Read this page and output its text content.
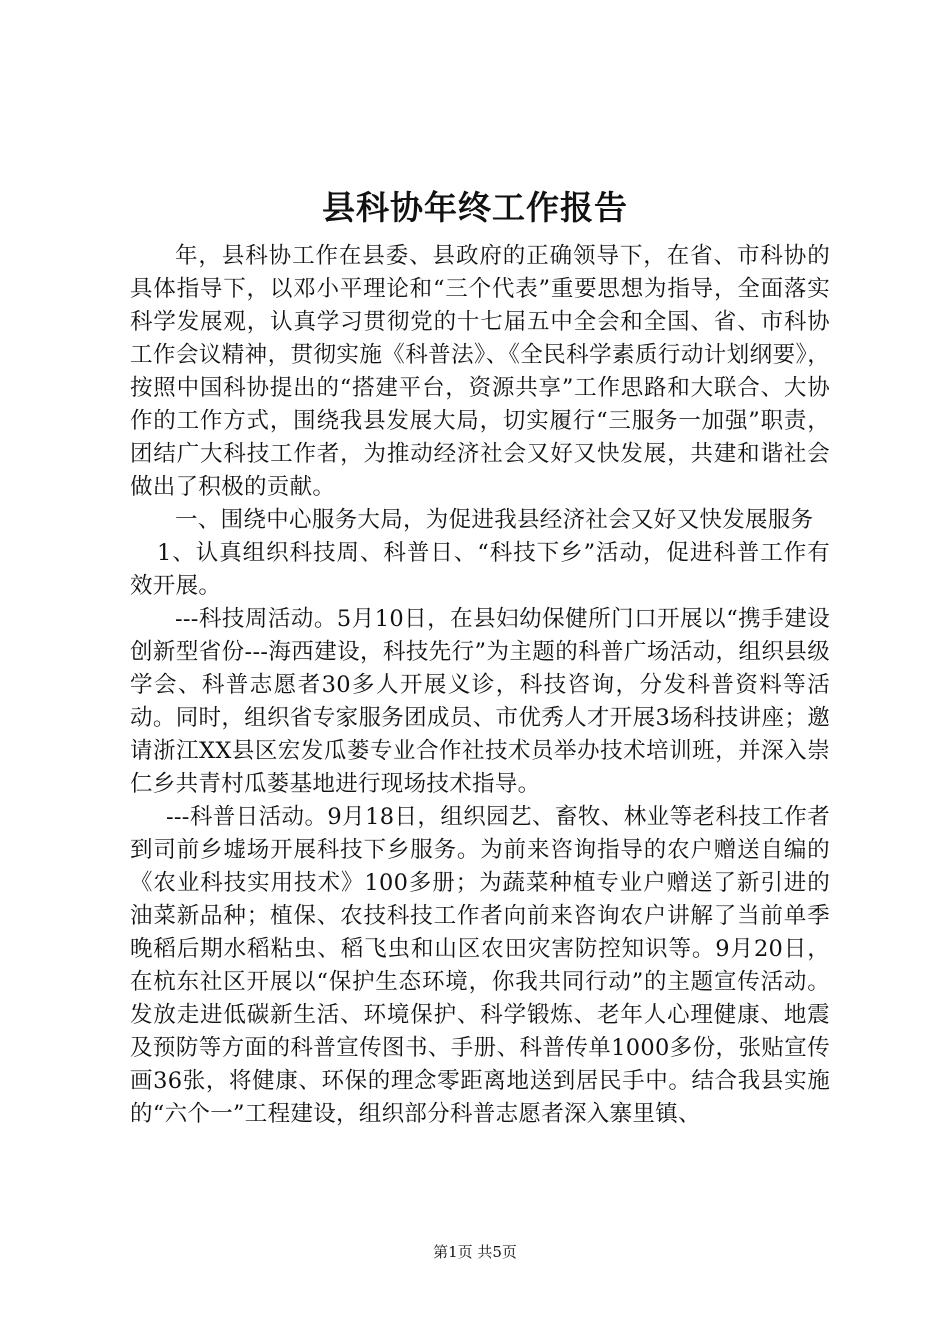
县科协年终工作报告

年，县科协工作在县委、县政府的正确领导下，在省、市科协的具体指导下，以邓小平理论和“三个代表”重要思想为指导，全面落实科学发展观，认真学习贯彻党的十七届五中全会和全国、省、市科协工作会议精神，贯彻实施《科普法》、《全民科学素质行动计划纲要》，按照中国科协提出的“搭建平台，资源共享”工作思路和大联合、大协作的工作方式，围绕我县发展大局，切实履行“三服务一加强”职责，团结广大科技工作者，为推动经济社会又好又快发展，共建和谐社会做出了积极的贡献。

一、围绕中心服务大局，为促进我县经济社会又好又快发展服务

1、认真组织科技周、科普日、“科技下乡”活动，促进科普工作有效开展。

---科技周活动。5月10日，在县妇幼保健所门口开展以“携手建设创新型省份---海西建设，科技先行”为主题的科普广场活动，组织县级学会、科普志愿者30多人开展义诊，科技咨询，分发科普资料等活动。同时，组织省专家服务团成员、市优秀人才开展3场科技讲座；邀请浙江XX县区宏发瓜蒌专业合作社技术员举办技术培训班，并深入崇仁乡共青村瓜蒌基地进行现场技术指导。

---科普日活动。9月18日，组织园艺、畜牧、林业等老科技工作者到司前乡墟场开展科技下乡服务。为前来咨询指导的农户赠送自编的《农业科技实用技术》100多册；为蔬菜种植专业户赠送了新引进的油菜新品种；植保、农技科技工作者向前来咨询农户讲解了当前单季晚稻后期水稻粘虫、稻飞虫和山区农田灾害防控知识等。9月20日，在杭东社区开展以“保护生态环境，你我共同行动”的主题宣传活动。发放走进低碳新生活、环境保护、科学锻炼、老年人心理健康、地震及预防等方面的科普宣传图书、手册、科普传单1000多份，张贴宣传画36张，将健康、环保的理念零距离地送到居民手中。结合我县实施的“六个一”工程建设，组织部分科普志愿者深入寨里镇、

第1页 共5页
